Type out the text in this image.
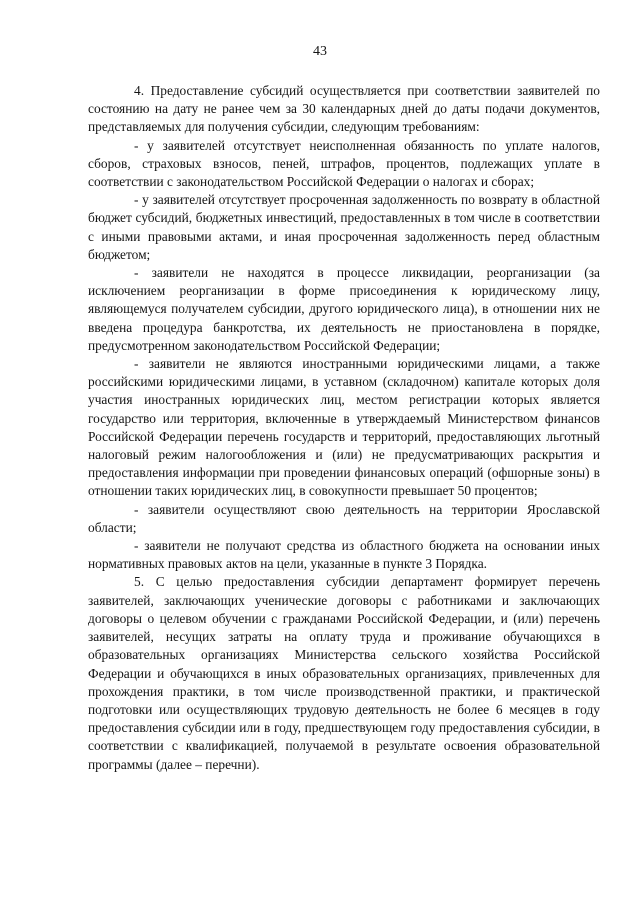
43

4. Предоставление субсидий осуществляется при соответствии заявителей по состоянию на дату не ранее чем за 30 календарных дней до даты подачи документов, представляемых для получения субсидии, следующим требованиям:

- у заявителей отсутствует неисполненная обязанность по уплате налогов, сборов, страховых взносов, пеней, штрафов, процентов, подлежащих уплате в соответствии с законодательством Российской Федерации о налогах и сборах;

- у заявителей отсутствует просроченная задолженность по возврату в областной бюджет субсидий, бюджетных инвестиций, предоставленных в том числе в соответствии с иными правовыми актами, и иная просроченная задолженность перед областным бюджетом;

- заявители не находятся в процессе ликвидации, реорганизации (за исключением реорганизации в форме присоединения к юридическому лицу, являющемуся получателем субсидии, другого юридического лица), в отношении них не введена процедура банкротства, их деятельность не приостановлена в порядке, предусмотренном законодательством Российской Федерации;

- заявители не являются иностранными юридическими лицами, а также российскими юридическими лицами, в уставном (складочном) капитале которых доля участия иностранных юридических лиц, местом регистрации которых является государство или территория, включенные в утверждаемый Министерством финансов Российской Федерации перечень государств и территорий, предоставляющих льготный налоговый режим налогообложения и (или) не предусматривающих раскрытия и предоставления информации при проведении финансовых операций (офшорные зоны) в отношении таких юридических лиц, в совокупности превышает 50 процентов;

- заявители осуществляют свою деятельность на территории Ярославской области;

- заявители не получают средства из областного бюджета на основании иных нормативных правовых актов на цели, указанные в пункте 3 Порядка.

5. С целью предоставления субсидии департамент формирует перечень заявителей, заключающих ученические договоры с работниками и заключающих договоры о целевом обучении с гражданами Российской Федерации, и (или) перечень заявителей, несущих затраты на оплату труда и проживание обучающихся в образовательных организациях Министерства сельского хозяйства Российской Федерации и обучающихся в иных образовательных организациях, привлеченных для прохождения практики, в том числе производственной практики, и практической подготовки или осуществляющих трудовую деятельность не более 6 месяцев в году предоставления субсидии или в году, предшествующем году предоставления субсидии, в соответствии с квалификацией, получаемой в результате освоения образовательной программы (далее – перечни).
